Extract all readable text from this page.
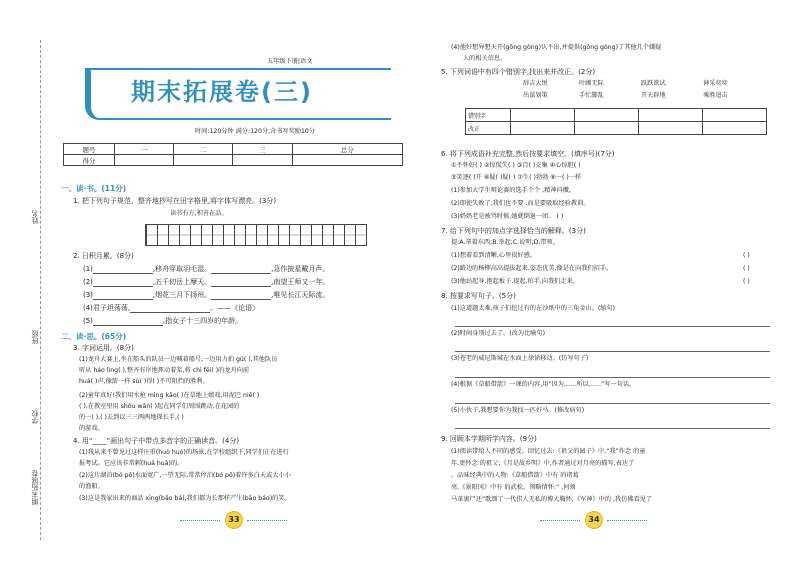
姓名
班级
学校
期末拓展卷
五年级下册|语文
期末拓展卷(三)
时间:120分钟 满分:120分,含书写奖励10分
题号	一	二	三	总分
得分				
一、读·书。(11分)
1. 把下列句子规范、整齐地抄写在田字格里,将字体写漂亮。(3分)
读书有方,积善在品。
2. 日积月累。(8分)
(1)	,移舟穿取羽毛湿。	,急作披星戴月声。
(2)	,五千仞岳上摩天。	,南望王师又一年。
(3)	,烟花三月下扬州。	,唯见长江天际流。
(4)君子坦荡荡,	。——《论语》
(5)	,指女子十三四岁的年龄。
二、读·思。(65分)
3. 字词运用。(8分)
(1)龙舟大赛上,坐在船头的队员一边喊着船号,一边用力拍 gǔ( ),其他队员
听从 háo lìng( ),整齐有序地挥动着桨,将 chì fēi( )的龙舟向前
huá( )声,像箭一样 sù( )得( )不可阻挡的胜利。
(2)童年真好!我们用水枪 mìng kāo( )在草地上嬉戏,用泥巴 niē( )
( ),在教室里用 shǒu wǎn( )起在同学们周围跳动,在花园的
的一( ),( )去到以三三两两地探长手,( )
的游戏。
4. 用“____”画出句子中带点多音字的正确读音。(4分)
(1)我从来不曾见过这样庄重(huò huó)的场景,在学校组织下,同学们正在进行
报考试。它应该非常刺(huá huà)的。
(2)这片湖泊(bó pō)水面宽广,一望无际,常常停泊(bó pō)着许多白天或大小小
的渔船。
(3)这是我家出来的商品 xìng(bǎo bá),我们都为长那样产生(bāo báo)的笑。
33
(4)他好想异想天开(gōng gòng)认不出,并提供(gōng gòng)了其他几个嫌疑
人的相关信息。
5. 下列词语中有四个错别字,找出来并改正。(2分)
辞吉大悦	叶圃无际	跃跃欲试	神采奕奕
出谋划策	手忙脚乱	开天辟地	乘胜追击
错别字				
改正				
6. 将下列成语补充完整,然后按要求填空。(填序号)(7分)
①不怀好( ) ②惊慌失( ) ③百( )交集 ④心惊胆( )
⑤笑逐( )开 ⑥疑( )疑( ) ⑦生( )勃勃 ⑧一( )一样
(1)参加大学生辩论赛的选手个个 ,精神抖擞。
(2)即使失败了,我们也不要 ,而是要吸取经验教训。
(3)奶奶老是被骂时候,她就倒退一团。 ( )
7. 给下列句中的加点字选择恰当的解释。(3分)
提:A.拿着东西;B.举起;C.说明;D.带领。
(1)想着看到清晰,心里很好感。
(2)路边的杨柳高高提拔起来,姿态优美,像是在向我们招手。
(3)他站起身,抱起板子,提起,拍手,向我们走来。
( )
( )
( )
8. 按要求写句子。(5分)
(1)这道题太难,孩子们挖过有的在沙纸中的三角金山。(缩句)
(2)时间身别过去了。(改为比喻句)
(3)苍老的威尼斯城在水面上徐徐移动。(仿写句子)
(4)根据《草船借箭》一课的内容,用“因为……所以……”写一句话。
(5)小伙子,我想要你为我找一匹好马。(修改病句)
9. 回顾本学期所学内容。(9分)
(1)阅读带给人不同的感受。回忆过去:《祖父的园子》中,“我”作念 的童
年,更怀念 的祖父;《月是故乡明》中,作者通过对月亮的描写,表达了
。品味经典中的人物:《草船借箭》中有 的诸葛
亮,《景阳冈》中有 的武松。领略情怀:“ ,何须
马革裹尸还”歌颂了一代伟人无私的博大胸怀;《军神》中的 ,我仿佛看见了
34
